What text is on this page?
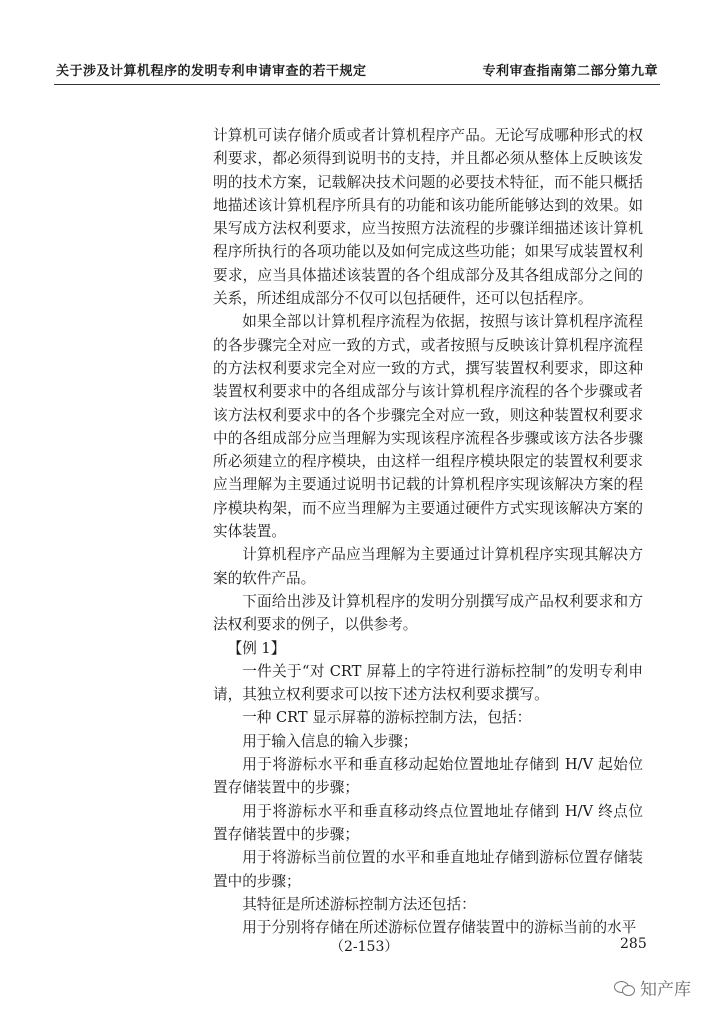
关于涉及计算机程序的发明专利申请审查的若干规定	专利审查指南第二部分第九章

计算机可读存储介质或者计算机程序产品。无论写成哪种形式的权利要求，都必须得到说明书的支持，并且都必须从整体上反映该发明的技术方案，记载解决技术问题的必要技术特征，而不能只概括地描述该计算机程序所具有的功能和该功能所能够达到的效果。如果写成方法权利要求，应当按照方法流程的步骤详细描述该计算机程序所执行的各项功能以及如何完成这些功能；如果写成装置权利要求，应当具体描述该装置的各个组成部分及其各组成部分之间的关系，所述组成部分不仅可以包括硬件，还可以包括程序。

如果全部以计算机程序流程为依据，按照与该计算机程序流程的各步骤完全对应一致的方式，或者按照与反映该计算机程序流程的方法权利要求完全对应一致的方式，撰写装置权利要求，即这种装置权利要求中的各组成部分与该计算机程序流程的各个步骤或者该方法权利要求中的各个步骤完全对应一致，则这种装置权利要求中的各组成部分应当理解为实现该程序流程各步骤或该方法各步骤所必须建立的程序模块，由这样一组程序模块限定的装置权利要求应当理解为主要通过说明书记载的计算机程序实现该解决方案的程序模块构架，而不应当理解为主要通过硬件方式实现该解决方案的实体装置。

计算机程序产品应当理解为主要通过计算机程序实现其解决方案的软件产品。

下面给出涉及计算机程序的发明分别撰写成产品权利要求和方法权利要求的例子，以供参考。

【例 1】

一件关于“对 CRT 屏幕上的字符进行游标控制”的发明专利申请，其独立权利要求可以按下述方法权利要求撰写。

一种 CRT 显示屏幕的游标控制方法，包括：

用于输入信息的输入步骤；

用于将游标水平和垂直移动起始位置地址存储到 H/V 起始位置存储装置中的步骤；

用于将游标水平和垂直移动终点位置地址存储到 H/V 终点位置存储装置中的步骤；

用于将游标当前位置的水平和垂直地址存储到游标位置存储装置中的步骤；

其特征是所述游标控制方法还包括：

用于分别将存储在所述游标位置存储装置中的游标当前的水平

（2-153）	285
知产库
